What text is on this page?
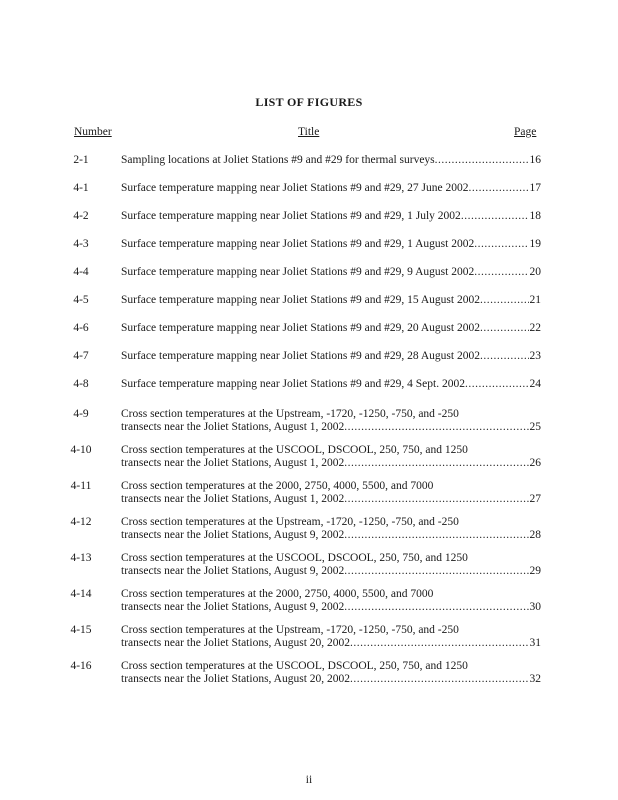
LIST OF FIGURES
Number	Title	Page
2-1	Sampling locations at Joliet Stations #9 and #29 for thermal surveys .....	16
4-1	Surface temperature mapping near Joliet Stations #9 and #29, 27 June 2002 .....	17
4-2	Surface temperature mapping near Joliet Stations #9 and #29, 1 July 2002 .....	18
4-3	Surface temperature mapping near Joliet Stations #9 and #29, 1 August 2002 .....	19
4-4	Surface temperature mapping near Joliet Stations #9 and #29, 9 August 2002 .....	20
4-5	Surface temperature mapping near Joliet Stations #9 and #29, 15 August 2002 .....	21
4-6	Surface temperature mapping near Joliet Stations #9 and #29, 20 August 2002 .....	22
4-7	Surface temperature mapping near Joliet Stations #9 and #29, 28 August 2002 .....	23
4-8	Surface temperature mapping near Joliet Stations #9 and #29, 4 Sept. 2002 .....	24
4-9	Cross section temperatures at the Upstream, -1720, -1250, -750, and -250
transects near the Joliet Stations, August 1, 2002 .....	25
4-10	Cross section temperatures at the USCOOL, DSCOOL, 250, 750, and 1250
transects near the Joliet Stations, August 1, 2002 .....	26
4-11	Cross section temperatures at the 2000, 2750, 4000, 5500, and 7000
transects near the Joliet Stations, August 1, 2002 .....	27
4-12	Cross section temperatures at the Upstream, -1720, -1250, -750, and -250
transects near the Joliet Stations, August 9, 2002 .....	28
4-13	Cross section temperatures at the USCOOL, DSCOOL, 250, 750, and 1250
transects near the Joliet Stations, August 9, 2002 .....	29
4-14	Cross section temperatures at the 2000, 2750, 4000, 5500, and 7000
transects near the Joliet Stations, August 9, 2002 .....	30
4-15	Cross section temperatures at the Upstream, -1720, -1250, -750, and -250
transects near the Joliet Stations, August 20, 2002 .....	31
4-16	Cross section temperatures at the USCOOL, DSCOOL, 250, 750, and 1250
transects near the Joliet Stations, August 20, 2002 .....	32
ii
